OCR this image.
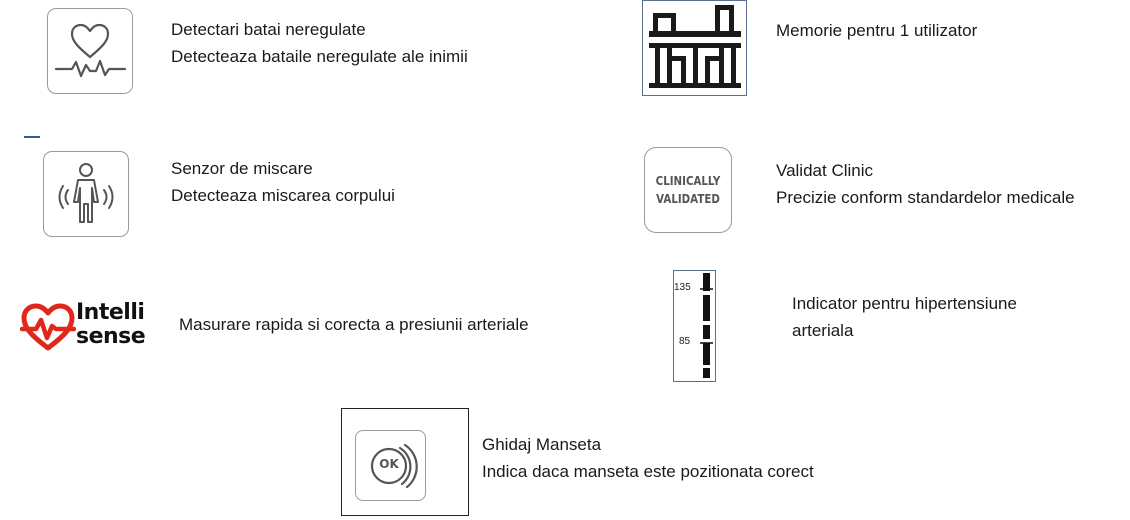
Detectari batai neregulate
Detecteaza bataile neregulate ale inimii
Memorie pentru 1 utilizator
Senzor de miscare
Detecteaza miscarea corpului
CLINICALLY
VALIDATED
Validat Clinic
Precizie conform standardelor medicale
Intelli
sense Masurare rapida si corecta a presiunii arteriale
135
85
Indicator pentru hipertensiune
arteriala
OK
Ghidaj Manseta
Indica daca manseta este pozitionata corect
